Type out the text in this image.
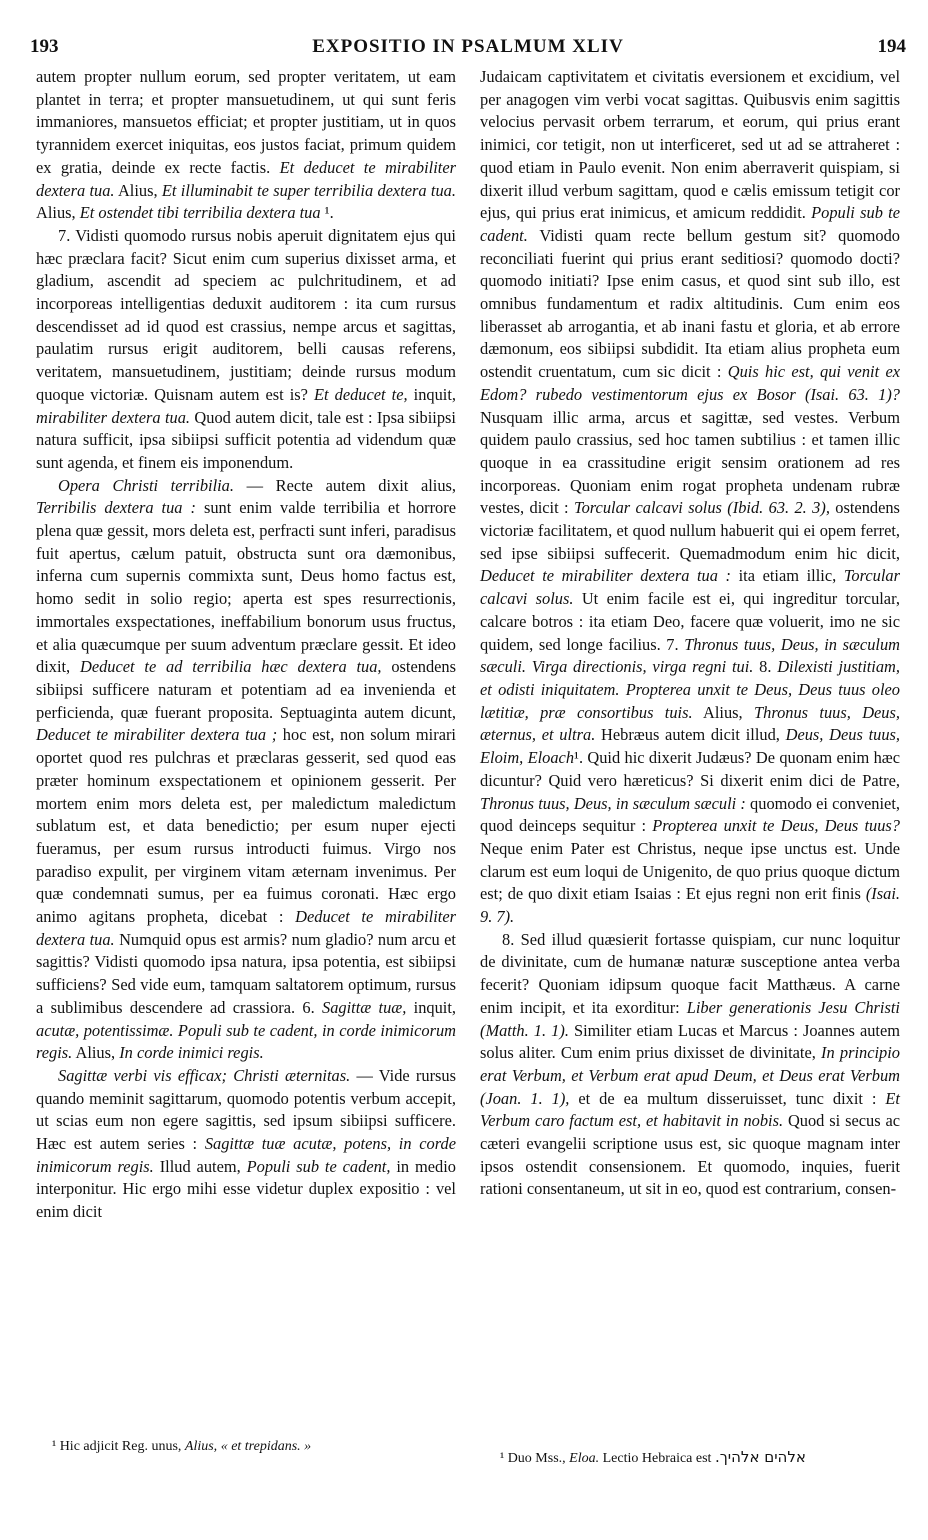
193	EXPOSITIO IN PSALMUM XLIV	194

autem propter nullum eorum, sed propter veritatem, ut eam plantet in terra; et propter mansuetudinem, ut qui sunt feris immaniores, mansuetos efficiat; et propter justitiam, ut in quos tyrannidem exercet iniquitas, eos justos faciat, primum quidem ex gratia, deinde ex recte factis. Et deducet te mirabiliter dextera tua. Alius, Et illuminabit te super terribilia dextera tua. Alius, Et ostendet tibi terribilia dextera tua ¹.

7. Vidisti quomodo rursus nobis aperuit dignitatem ejus qui hæc præclara facit? Sicut enim cum superius dixisset arma, et gladium, ascendit ad speciem ac pulchritudinem, et ad incorporeas intelligentias deduxit auditorem : ita cum rursus descendisset ad id quod est crassius, nempe arcus et sagittas, paulatim rursus erigit auditorem, belli causas referens, veritatem, mansuetudinem, justitiam; deinde rursus modum quoque victoriæ. Quisnam autem est is? Et deducet te, inquit, mirabiliter dextera tua. Quod autem dicit, tale est : Ipsa sibiipsi natura sufficit, ipsa sibiipsi sufficit potentia ad videndum quæ sunt agenda, et finem eis imponendum.

Opera Christi terribilia. — Recte autem dixit alius, Terribilis dextera tua : sunt enim valde terribilia et horrore plena quæ gessit, mors deleta est, perfracti sunt inferi, paradisus fuit apertus, cælum patuit, obstructa sunt ora dæmonibus, inferna cum supernis commixta sunt, Deus homo factus est, homo sedit in solio regio; aperta est spes resurrectionis, immortales exspectationes, ineffabilium bonorum usus fructus, et alia quæcumque per suum adventum præclare gessit. Et ideo dixit, Deducet te ad terribilia hæc dextera tua, ostendens sibiipsi sufficere naturam et potentiam ad ea invenienda et perficienda, quæ fuerant proposita. Septuaginta autem dicunt, Deducet te mirabiliter dextera tua ; hoc est, non solum mirari oportet quod res pulchras et præclaras gesserit, sed quod eas præter hominum exspectationem et opinionem gesserit. Per mortem enim mors deleta est, per maledictum maledictum sublatum est, et data benedictio; per esum nuper ejecti fueramus, per esum rursus introducti fuimus. Virgo nos paradiso expulit, per virginem vitam æternam invenimus. Per quæ condemnati sumus, per ea fuimus coronati. Hæc ergo animo agitans propheta, dicebat : Deducet te mirabiliter dextera tua. Numquid opus est armis? num gladio? num arcu et sagittis? Vidisti quomodo ipsa natura, ipsa potentia, est sibiipsi sufficiens? Sed vide eum, tamquam saltatorem optimum, rursus a sublimibus descendere ad crassiora. 6. Sagittæ tuæ, inquit, acutæ, potentissimæ. Populi sub te cadent, in corde inimicorum regis. Alius, In corde inimici regis.

Sagittæ verbi vis efficax; Christi æternitas. — Vide rursus quando meminit sagittarum, quomodo potentis verbum accepit, ut scias eum non egere sagittis, sed ipsum sibiipsi sufficere. Hæc est autem series : Sagittæ tuæ acutæ, potens, in corde inimicorum regis. Illud autem, Populi sub te cadent, in medio interponitur. Hic ergo mihi esse videtur duplex expositio : vel enim dicit

¹ Hic adjicit Reg. unus, Alius, « et trepidans. »

Judaicam captivitatem et civitatis eversionem et excidium, vel per anagogen vim verbi vocat sagittas. Quibusvis enim sagittis velocius pervasit orbem terrarum, et eorum, qui prius erant inimici, cor tetigit, non ut interficeret, sed ut ad se attraheret : quod etiam in Paulo evenit. Non enim aberraverit quispiam, si dixerit illud verbum sagittam, quod e cælis emissum tetigit cor ejus, qui prius erat inimicus, et amicum reddidit. Populi sub te cadent. Vidisti quam recte bellum gestum sit? quomodo reconciliati fuerint qui prius erant seditiosi? quomodo docti? quomodo initiati? Ipse enim casus, et quod sint sub illo, est omnibus fundamentum et radix altitudinis. Cum enim eos liberasset ab arrogantia, et ab inani fastu et gloria, et ab errore dæmonum, eos sibiipsi subdidit. Ita etiam alius propheta eum ostendit cruentatum, cum sic dicit : Quis hic est, qui venit ex Edom? rubedo vestimentorum ejus ex Bosor (Isai. 63. 1)? Nusquam illic arma, arcus et sagittæ, sed vestes. Verbum quidem paulo crassius, sed hoc tamen subtilius : et tamen illic quoque in ea crassitudine erigit sensim orationem ad res incorporeas. Quoniam enim rogat propheta undenam rubræ vestes, dicit : Torcular calcavi solus (Ibid. 63. 2. 3), ostendens victoriæ facilitatem, et quod nullum habuerit qui ei opem ferret, sed ipse sibiipsi suffecerit. Quemadmodum enim hic dicit, Deducet te mirabiliter dextera tua : ita etiam illic, Torcular calcavi solus. Ut enim facile est ei, qui ingreditur torcular, calcare botros : ita etiam Deo, facere quæ voluerit, imo ne sic quidem, sed longe facilius. 7. Thronus tuus, Deus, in sæculum sæculi. Virga directionis, virga regni tui. 8. Dilexisti justitiam, et odisti iniquitatem. Propterea unxit te Deus, Deus tuus oleo lætitiæ, præ consortibus tuis. Alius, Thronus tuus, Deus, æternus, et ultra. Hebræus autem dicit illud, Deus, Deus tuus, Eloim, Eloach¹. Quid hic dixerit Judæus? De quonam enim hæc dicuntur? Quid vero hæreticus? Si dixerit enim dici de Patre, Thronus tuus, Deus, in sæculum sæculi : quomodo ei conveniet, quod deinceps sequitur : Propterea unxit te Deus, Deus tuus? Neque enim Pater est Christus, neque ipse unctus est. Unde clarum est eum loqui de Unigenito, de quo prius quoque dictum est; de quo dixit etiam Isaias : Et ejus regni non erit finis (Isai. 9. 7).

8. Sed illud quæsierit fortasse quispiam, cur nunc loquitur de divinitate, cum de humanæ naturæ susceptione antea verba fecerit? Quoniam idipsum quoque facit Matthæus. A carne enim incipit, et ita exorditur: Liber generationis Jesu Christi (Matth. 1. 1). Similiter etiam Lucas et Marcus : Joannes autem solus aliter. Cum enim prius dixisset de divinitate, In principio erat Verbum, et Verbum erat apud Deum, et Deus erat Verbum (Joan. 1. 1), et de ea multum disseruisset, tunc dixit : Et Verbum caro factum est, et habitavit in nobis. Quod si secus ac cæteri evangelii scriptione usus est, sic quoque magnam inter ipsos ostendit consensionem. Et quomodo, inquies, fuerit rationi consentaneum, ut sit in eo, quod est contrarium, consen-

¹ Duo Mss., Eloa. Lectio Hebraica est אלהים אלהיך.
